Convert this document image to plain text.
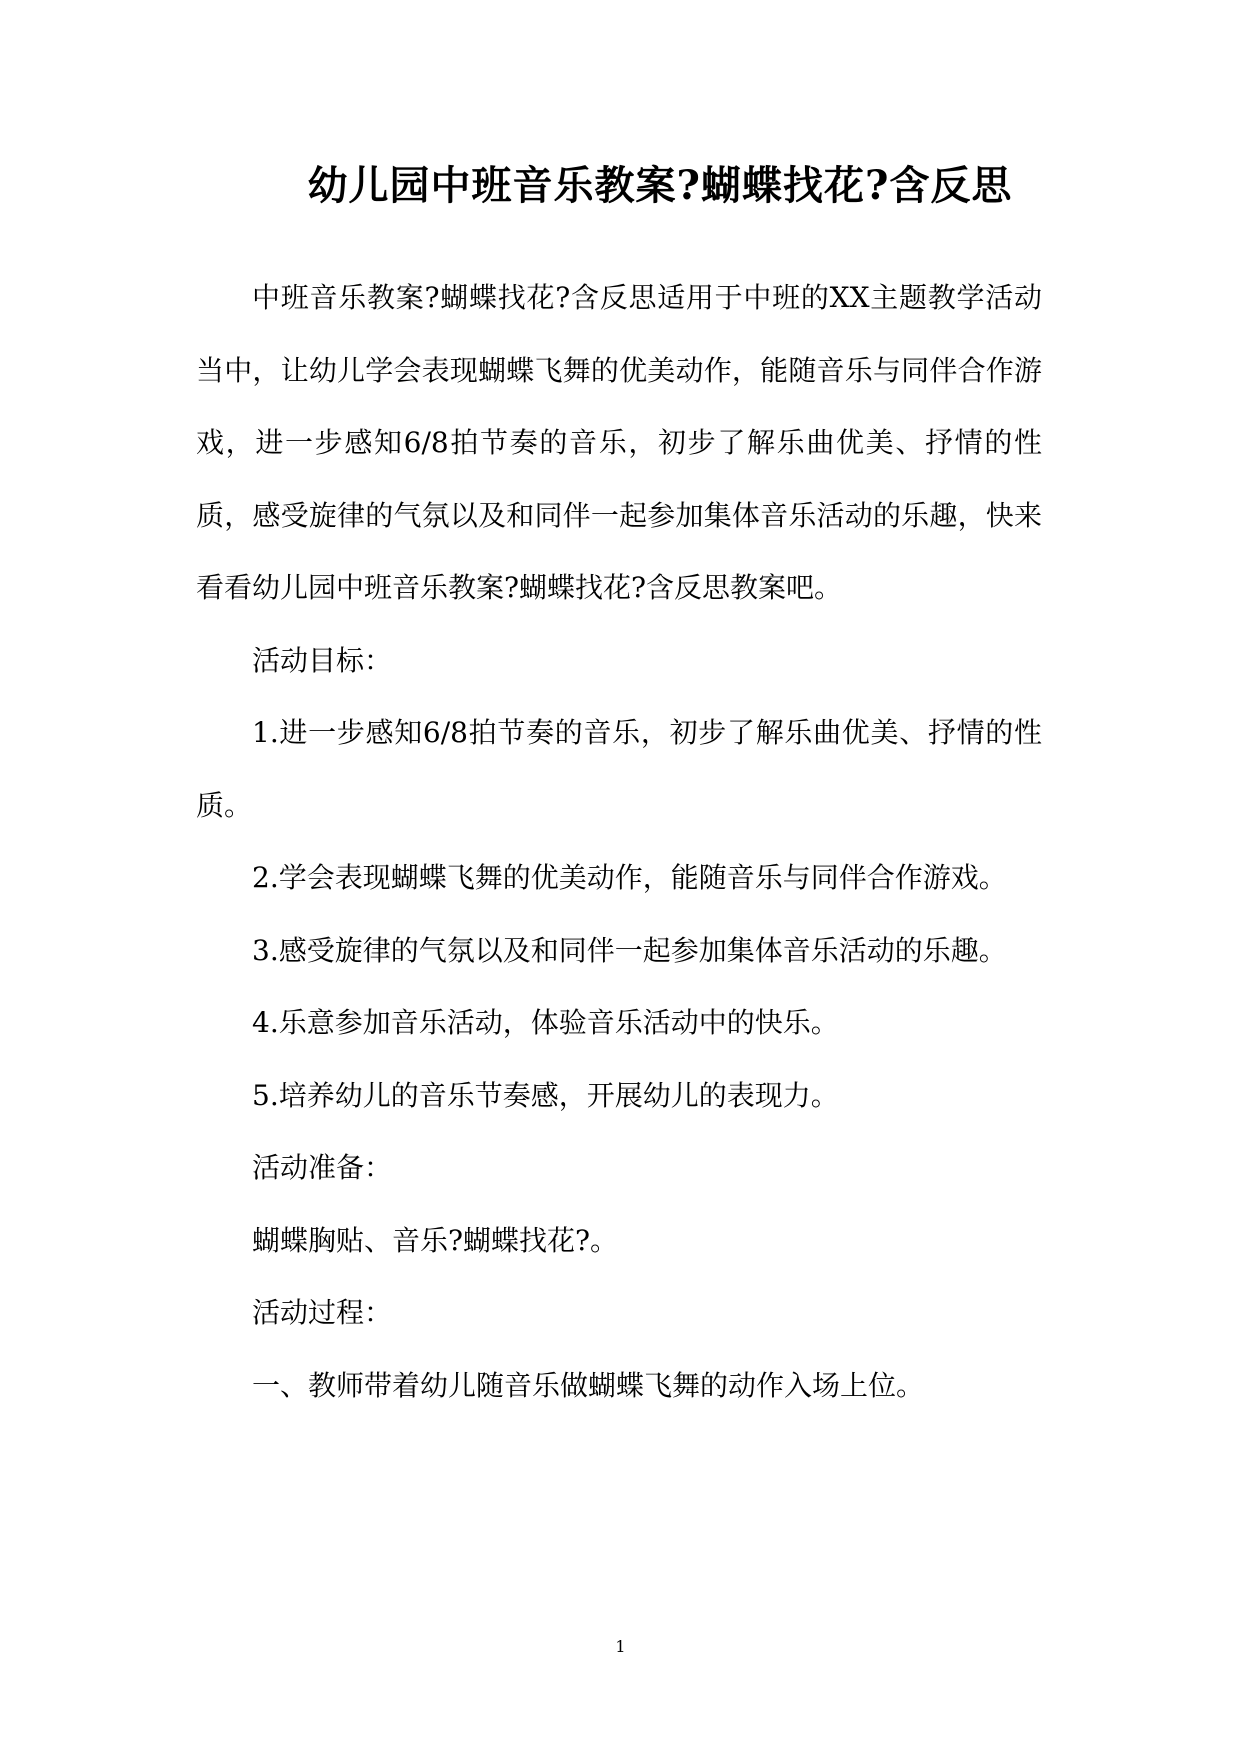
幼儿园中班音乐教案?蝴蝶找花?含反思

中班音乐教案?蝴蝶找花?含反思适用于中班的XX主题教学活动当中，让幼儿学会表现蝴蝶飞舞的优美动作，能随音乐与同伴合作游戏，进一步感知6/8拍节奏的音乐，初步了解乐曲优美、抒情的性质，感受旋律的气氛以及和同伴一起参加集体音乐活动的乐趣，快来看看幼儿园中班音乐教案?蝴蝶找花?含反思教案吧。

活动目标：

1.进一步感知6/8拍节奏的音乐，初步了解乐曲优美、抒情的性质。

2.学会表现蝴蝶飞舞的优美动作，能随音乐与同伴合作游戏。

3.感受旋律的气氛以及和同伴一起参加集体音乐活动的乐趣。

4.乐意参加音乐活动，体验音乐活动中的快乐。

5.培养幼儿的音乐节奏感，开展幼儿的表现力。

活动准备：

蝴蝶胸贴、音乐?蝴蝶找花?。

活动过程：

一、教师带着幼儿随音乐做蝴蝶飞舞的动作入场上位。

1
